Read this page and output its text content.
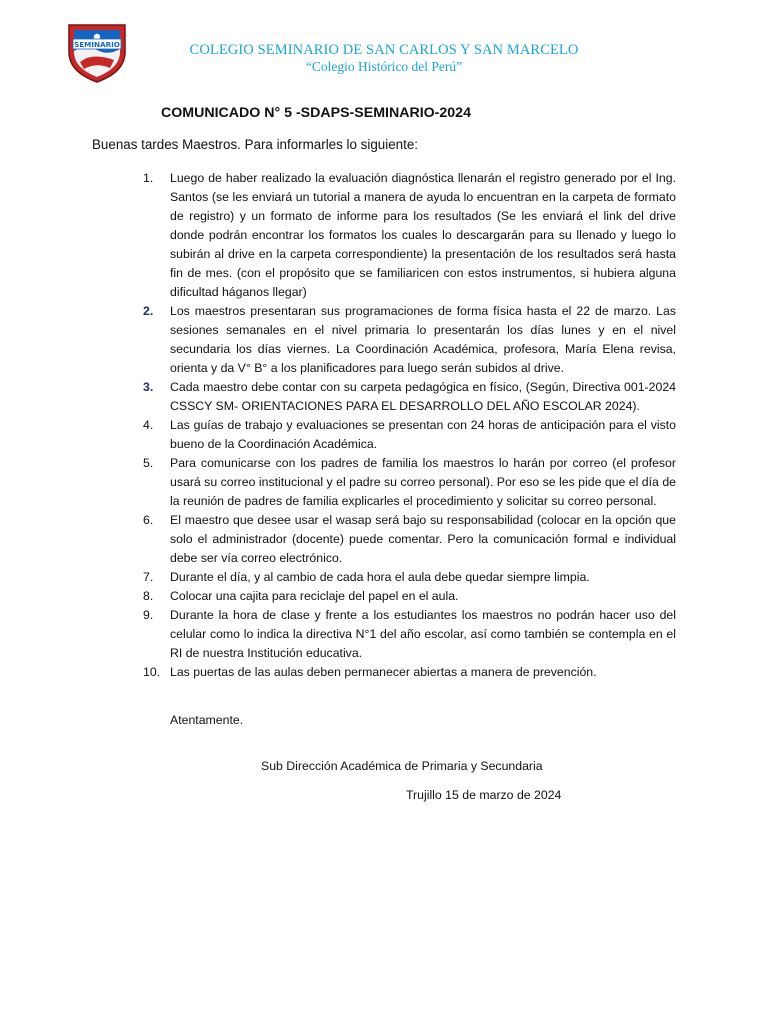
SEMINARIO	COLEGIO SEMINARIO DE SAN CARLOS Y SAN MARCELO
“Colegio Histórico del Perú”
COMUNICADO N° 5 -SDAPS-SEMINARIO-2024
Buenas tardes Maestros. Para informarles lo siguiente:
1. Luego de haber realizado la evaluación diagnóstica llenarán el registro generado por el Ing. Santos (se les enviará un tutorial a manera de ayuda lo encuentran en la carpeta de formato de registro) y un formato de informe para los resultados (Se les enviará el link del drive donde podrán encontrar los formatos los cuales lo descargarán para su llenado y luego lo subirán al drive en la carpeta correspondiente) la presentación de los resultados será hasta fin de mes. (con el propósito que se familiaricen con estos instrumentos, si hubiera alguna dificultad háganos llegar)
2. Los maestros presentaran sus programaciones de forma física hasta el 22 de marzo. Las sesiones semanales en el nivel primaria lo presentarán los días lunes y en el nivel secundaria los días viernes. La Coordinación Académica, profesora, María Elena revisa, orienta y da V° B° a los planificadores para luego serán subidos al drive.
3. Cada maestro debe contar con su carpeta pedagógica en físico, (Según, Directiva 001-2024 CSSCY SM- ORIENTACIONES PARA EL DESARROLLO DEL AÑO ESCOLAR 2024).
4. Las guías de trabajo y evaluaciones se presentan con 24 horas de anticipación para el visto bueno de la Coordinación Académica.
5. Para comunicarse con los padres de familia los maestros lo harán por correo (el profesor usará su correo institucional y el padre su correo personal). Por eso se les pide que el día de la reunión de padres de familia explicarles el procedimiento y solicitar su correo personal.
6. El maestro que desee usar el wasap será bajo su responsabilidad (colocar en la opción que solo el administrador (docente) puede comentar. Pero la comunicación formal e individual debe ser vía correo electrónico.
7. Durante el día, y al cambio de cada hora el aula debe quedar siempre limpia.
8. Colocar una cajita para reciclaje del papel en el aula.
9. Durante la hora de clase y frente a los estudiantes los maestros no podrán hacer uso del celular como lo indica la directiva N°1 del año escolar, así como también se contempla en el RI de nuestra Institución educativa.
10. Las puertas de las aulas deben permanecer abiertas a manera de prevención.
Atentamente.
Sub Dirección Académica de Primaria y Secundaria
Trujillo 15 de marzo de 2024
